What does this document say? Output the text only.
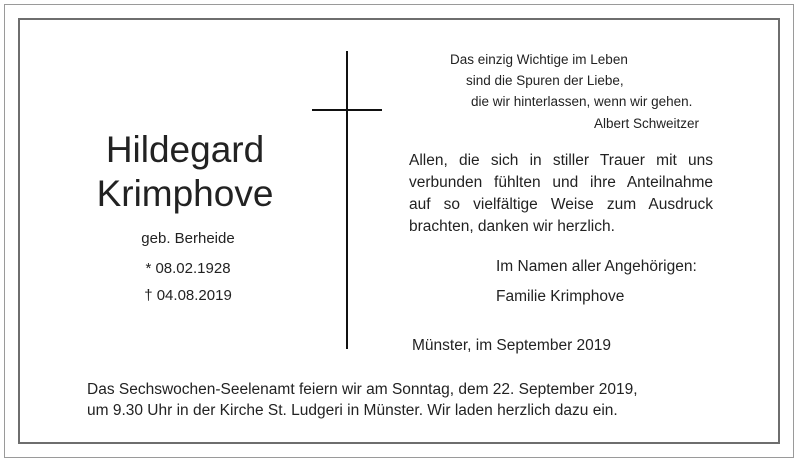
Hildegard
Krimphove
geb. Berheide
* 08.02.1928
† 04.08.2019
Das einzig Wichtige im Leben
sind die Spuren der Liebe,
die wir hinterlassen, wenn wir gehen.
Albert Schweitzer
Allen, die sich in stiller Trauer mit uns
verbunden fühlten und ihre Anteilnahme
auf so vielfältige Weise zum Ausdruck
brachten, danken wir herzlich.
Im Namen aller Angehörigen:
Familie Krimphove
Münster, im September 2019
Das Sechswochen-Seelenamt feiern wir am Sonntag, dem 22. September 2019,
um 9.30 Uhr in der Kirche St. Ludgeri in Münster. Wir laden herzlich dazu ein.
